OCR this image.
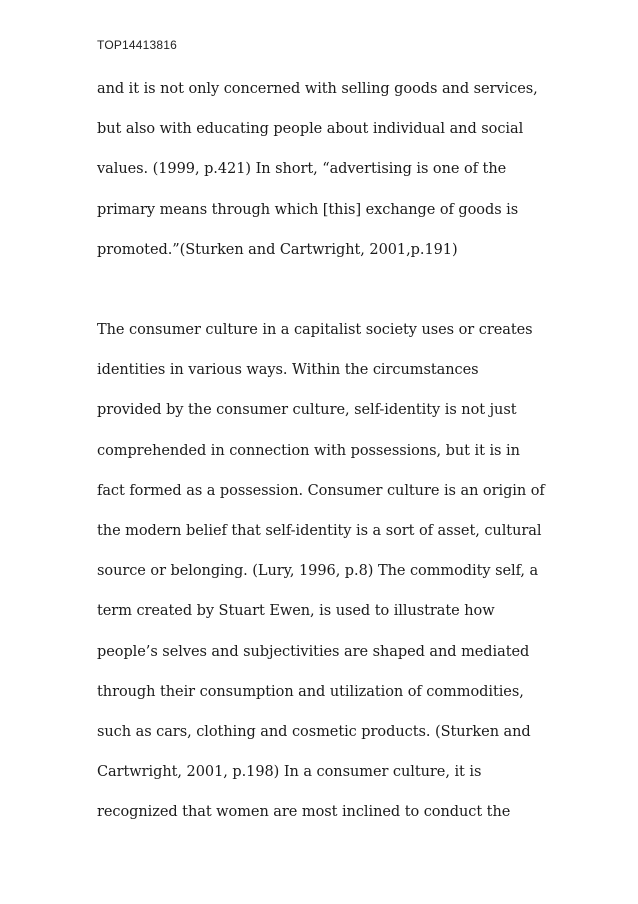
TOP14413816
and it is not only concerned with selling goods and services,
but also with educating people about individual and social
values. (1999, p.421) In short, “advertising is one of the
primary means through which [this] exchange of goods is
promoted.”(Sturken and Cartwright, 2001,p.191)
The consumer culture in a capitalist society uses or creates
identities in various ways. Within the circumstances
provided by the consumer culture, self-identity is not just
comprehended in connection with possessions, but it is in
fact formed as a possession. Consumer culture is an origin of
the modern belief that self-identity is a sort of asset, cultural
source or belonging. (Lury, 1996, p.8) The commodity self, a
term created by Stuart Ewen, is used to illustrate how
people’s selves and subjectivities are shaped and mediated
through their consumption and utilization of commodities,
such as cars, clothing and cosmetic products. (Sturken and
Cartwright, 2001, p.198) In a consumer culture, it is
recognized that women are most inclined to conduct the
